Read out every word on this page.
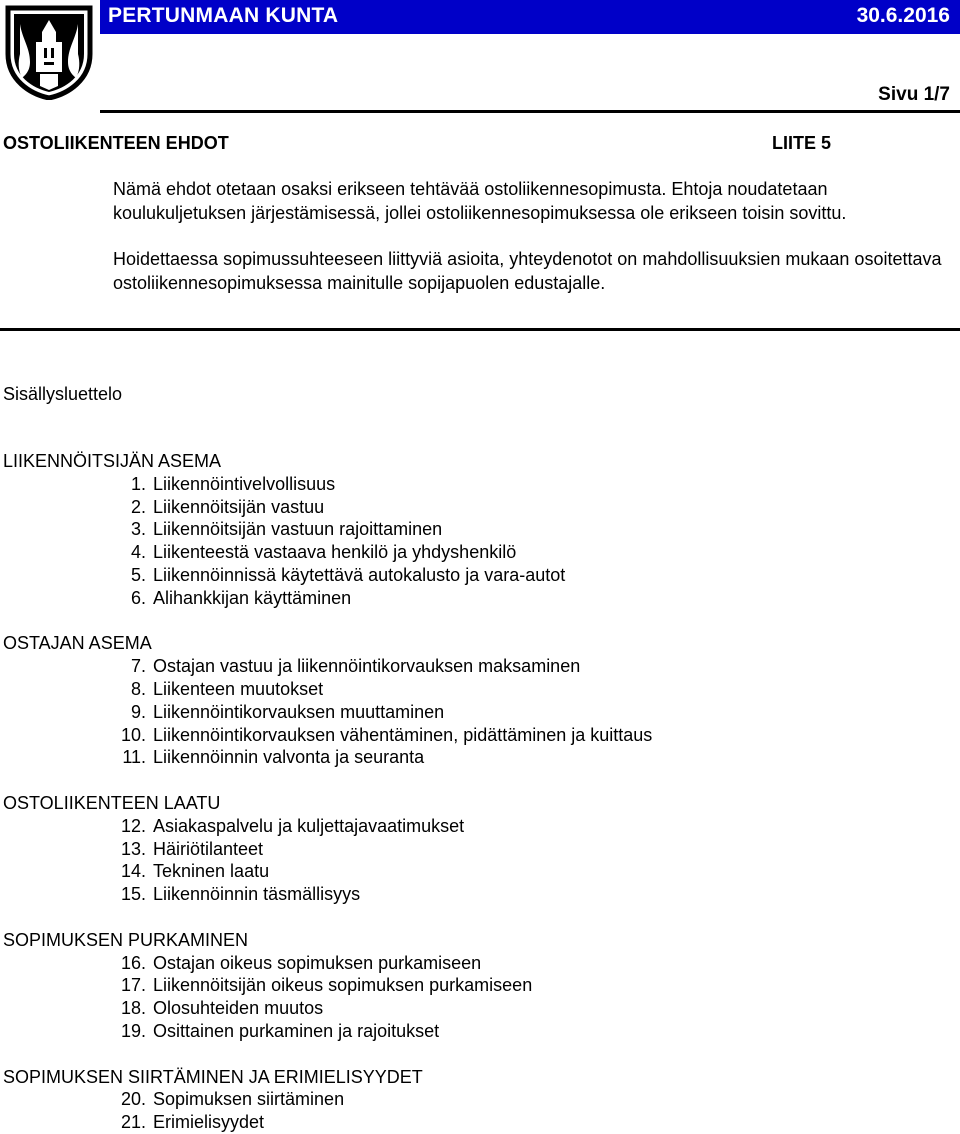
PERTUNMAAN KUNTA	30.6.2016
Sivu 1/7
OSTOLIIKENTEEN EHDOT	LIITE 5
Nämä ehdot otetaan osaksi erikseen tehtävää ostoliikennesopimusta. Ehtoja noudatetaan koulukuljetuksen järjestämisessä, jollei ostoliikennesopimuksessa ole erikseen toisin sovittu.
Hoidettaessa sopimussuhteeseen liittyviä asioita, yhteydenotot on mahdollisuuksien mukaan osoitettava ostoliikennesopimuksessa mainitulle sopijapuolen edustajalle.
Sisällysluettelo
LIIKENNÖITSIJÄN ASEMA
1. Liikennöintivelvollisuus
2. Liikennöitsijän vastuu
3. Liikennöitsijän vastuun rajoittaminen
4. Liikenteestä vastaava henkilö ja yhdyshenkilö
5. Liikennöinnissä käytettävä autokalusto ja vara-autot
6. Alihankkijan käyttäminen
OSTAJAN ASEMA
7. Ostajan vastuu ja liikennöintikorvauksen maksaminen
8. Liikenteen muutokset
9. Liikennöintikorvauksen muuttaminen
10. Liikennöintikorvauksen vähentäminen, pidättäminen ja kuittaus
11. Liikennöinnin valvonta ja seuranta
OSTOLIIKENTEEN LAATU
12. Asiakaspalvelu ja kuljettajavaatimukset
13. Häiriötilanteet
14. Tekninen laatu
15. Liikennöinnin täsmällisyys
SOPIMUKSEN PURKAMINEN
16. Ostajan oikeus sopimuksen purkamiseen
17. Liikennöitsijän oikeus sopimuksen purkamiseen
18. Olosuhteiden muutos
19. Osittainen purkaminen ja rajoitukset
SOPIMUKSEN SIIRTÄMINEN JA ERIMIELISYYDET
20. Sopimuksen siirtäminen
21. Erimielisyydet
